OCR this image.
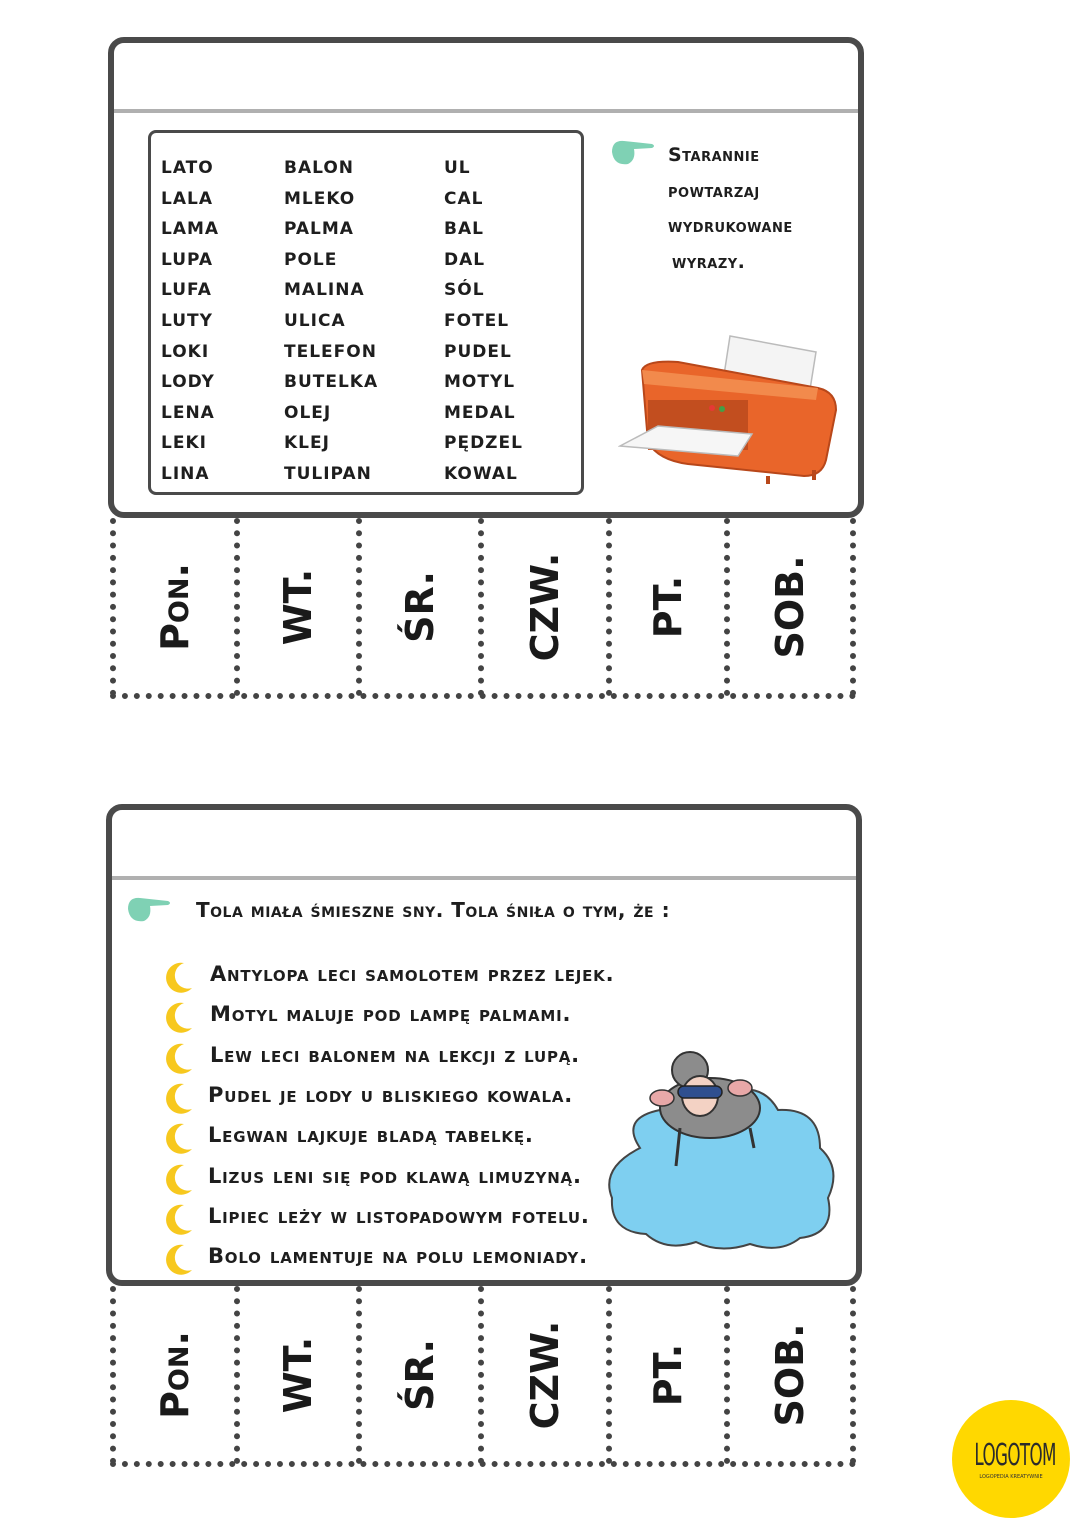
LATO
LALA
LAMA
LUPA
LUFA
LUTY
LOKI
LODY
LENA
LEKI
LINA
BALON
MLEKO
PALMA
POLE
MALINA
ULICA
TELEFON
BUTELKA
OLEJ
KLEJ
TULIPAN
UL
CAL
BAL
DAL
SÓL
FOTEL
PUDEL
MOTYL
MEDAL
PĘDZEL
KOWAL
Starannie
powtarzaj
wydrukowane
wyrazy.
Pon. WT. ŚR. CZW. PT. SOB.
Tola miała śmieszne sny. Tola śniła o tym, że :
Antylopa leci samolotem przez lejek.
Motyl maluje pod lampę palmami.
Lew leci balonem na lekcji z lupą.
Pudel je lody u bliskiego kowala.
Legwan lajkuje bladą tabelkę.
Lizus leni się pod klawą limuzyną.
Lipiec leży w listopadowym fotelu.
Bolo lamentuje na polu lemoniady.
Pon. WT. ŚR. CZW. PT. SOB.
LOGOTOM
LOGOPEDIA KREATYWNIE
